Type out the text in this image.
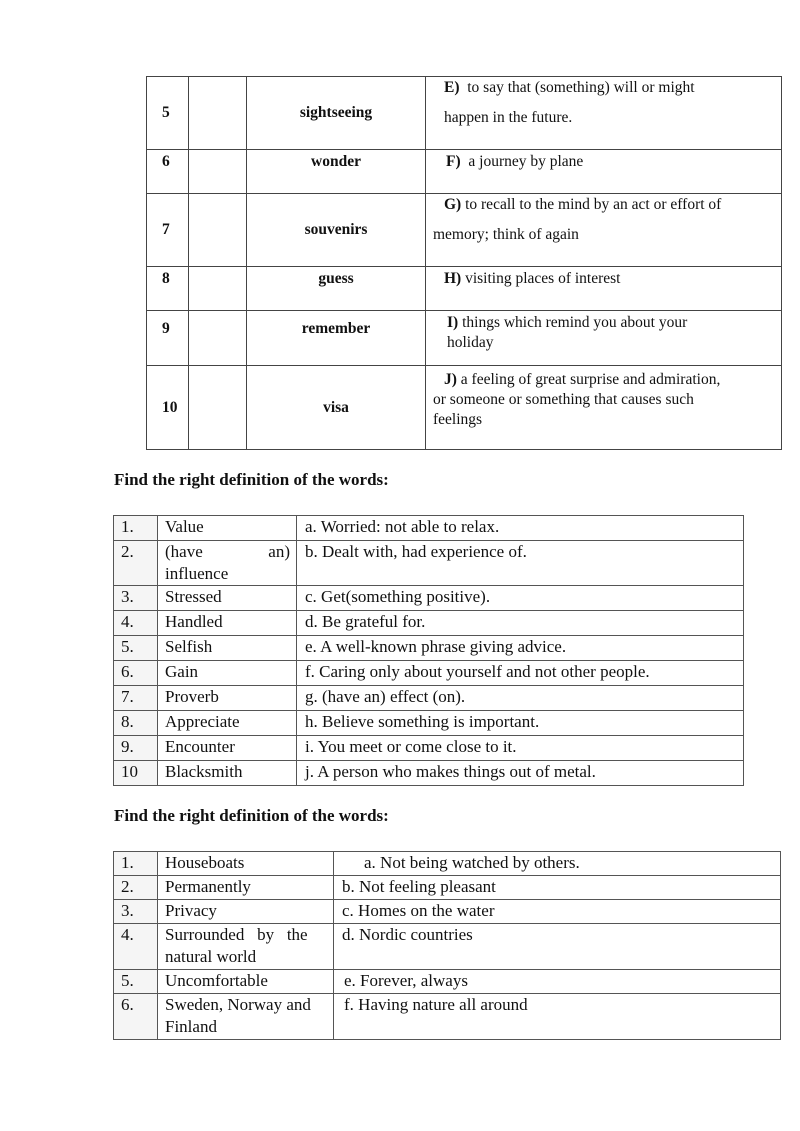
5		sightseeing	E) to say that (something) will or might
happen in the future.

6		wonder	F) a journey by plane
7		souvenirs	G) to recall to the mind by an act or effort of
memory; think of again

8		guess	H) visiting places of interest
9		remember	I) things which remind you about your
holiday

10		visa	J) a feeling of great surprise and admiration,
or someone or something that causes such
feelings

Find the right definition of the words:

1.	Value	a. Worried: not able to relax.
2.	(have an)
influence	b. Dealt with, had experience of.
3.	Stressed	c. Get(something positive).
4.	Handled	d. Be grateful for.
5.	Selfish	e. A well-known phrase giving advice.
6.	Gain	f. Caring only about yourself and not other people.
7.	Proverb	g. (have an) effect (on).
8.	Appreciate	h. Believe something is important.
9.	Encounter	i. You meet or come close to it.
10	Blacksmith	j. A person who makes things out of metal.

Find the right definition of the words:

1.	Houseboats	a. Not being watched by others.
2.	Permanently	b. Not feeling pleasant
3.	Privacy	c. Homes on the water
4.	Surrounded   by   the
natural world	d. Nordic countries
5.	Uncomfortable	e. Forever, always
6.	Sweden, Norway and
Finland	f. Having nature all around
